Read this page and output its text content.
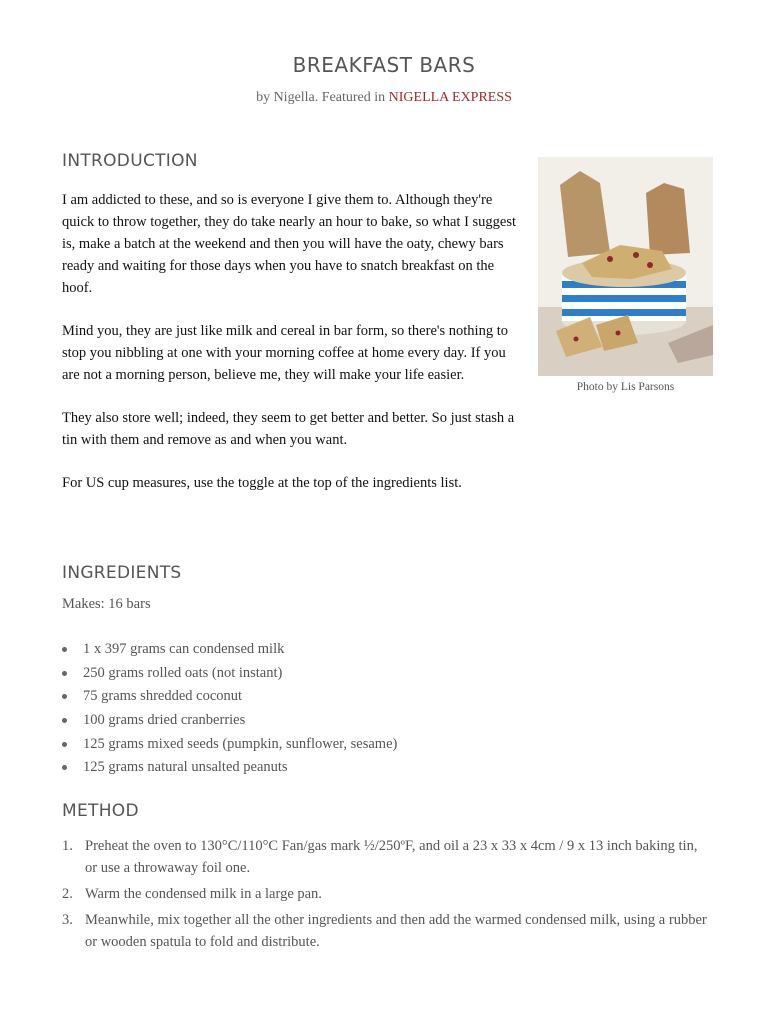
BREAKFAST BARS
by Nigella. Featured in NIGELLA EXPRESS
INTRODUCTION

I am addicted to these, and so is everyone I give them to. Although they're quick to throw together, they do take nearly an hour to bake, so what I suggest is, make a batch at the weekend and then you will have the oaty, chewy bars ready and waiting for those days when you have to snatch breakfast on the hoof.

Mind you, they are just like milk and cereal in bar form, so there's nothing to stop you nibbling at one with your morning coffee at home every day. If you are not a morning person, believe me, they will make your life easier.

They also store well; indeed, they seem to get better and better. So just stash a tin with them and remove as and when you want.

For US cup measures, use the toggle at the top of the ingredients list.

Photo by Lis Parsons
INGREDIENTS
Makes: 16 bars
1 x 397 grams can condensed milk
250 grams rolled oats (not instant)
75 grams shredded coconut
100 grams dried cranberries
125 grams mixed seeds (pumpkin, sunflower, sesame)
125 grams natural unsalted peanuts
METHOD
1. Preheat the oven to 130°C/110°C Fan/gas mark ½/250ºF, and oil a 23 x 33 x 4cm / 9 x 13 inch baking tin, or use a throwaway foil one.
2. Warm the condensed milk in a large pan.
3. Meanwhile, mix together all the other ingredients and then add the warmed condensed milk, using a rubber or wooden spatula to fold and distribute.
